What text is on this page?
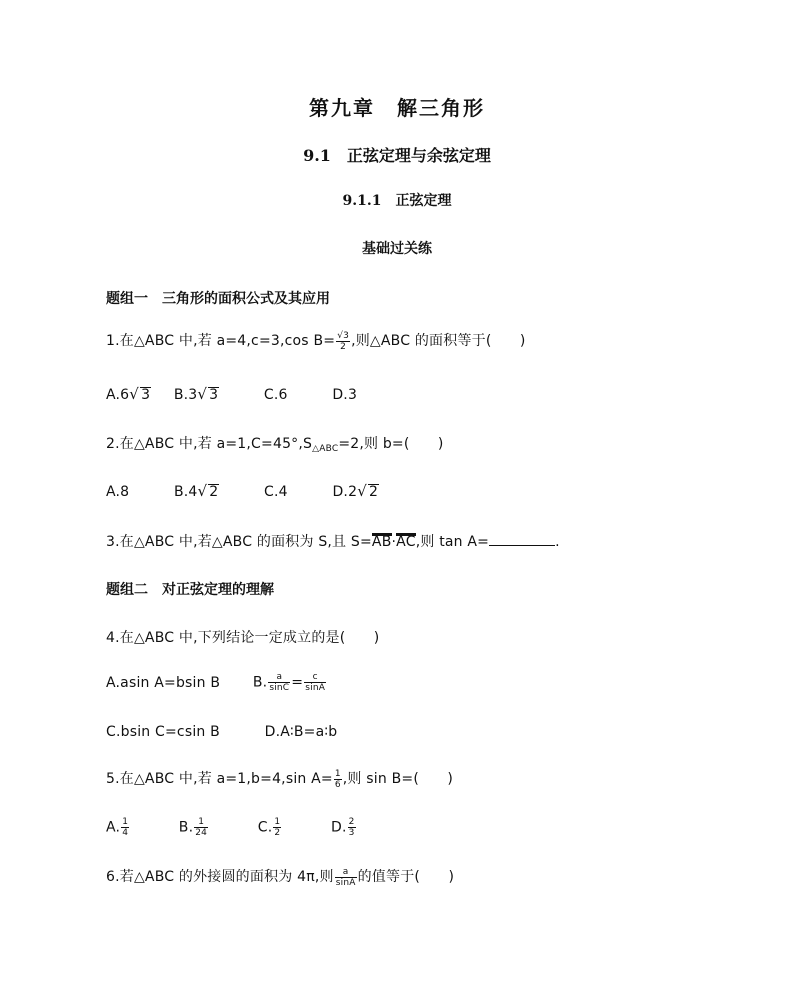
第九章　解三角形
9.1　正弦定理与余弦定理
9.1.1　正弦定理
基础过关练
题组一　三角形的面积公式及其应用
1.在△ABC 中,若 a=4,c=3,cos $B= \frac{√3}{2}$ ,则△ABC 的面积等于(　　)
A.6√ 3 B.3√ 3	C.6	D.3
2.在△ABC 中,若 $a=1,C=45^\circ,S_{\triangle ABC}=2$,则 b=(　　)
A.8	B.4√ 2	C.4	D.2√ 2
3.在△ABC 中,若△ABC 的面积为 S,且 S=AB·AC,则 tan A=	.
题组二　对正弦定理的理解
4.在△ABC 中,下列结论一定成立的是(　　)
A.asin A=bsin B B. $\frac{a}{\sin C} = \frac{c}{\sin A}$
C.bsin C=csin B	D.A∶B=a∶b
5.在△ABC 中,若 a=1,b=4,sin $A= \frac{1}{6}$ ,则 sin B=(　　)
A. $\frac{1}{4}$	B. $\frac{1}{24}$	C. $\frac{1}{2}$	D. $\frac{2}{3}$
6.若△ABC 的外接圆的面积为 4π,则 $\frac{a}{\sin A}$ 的值等于(　　)
